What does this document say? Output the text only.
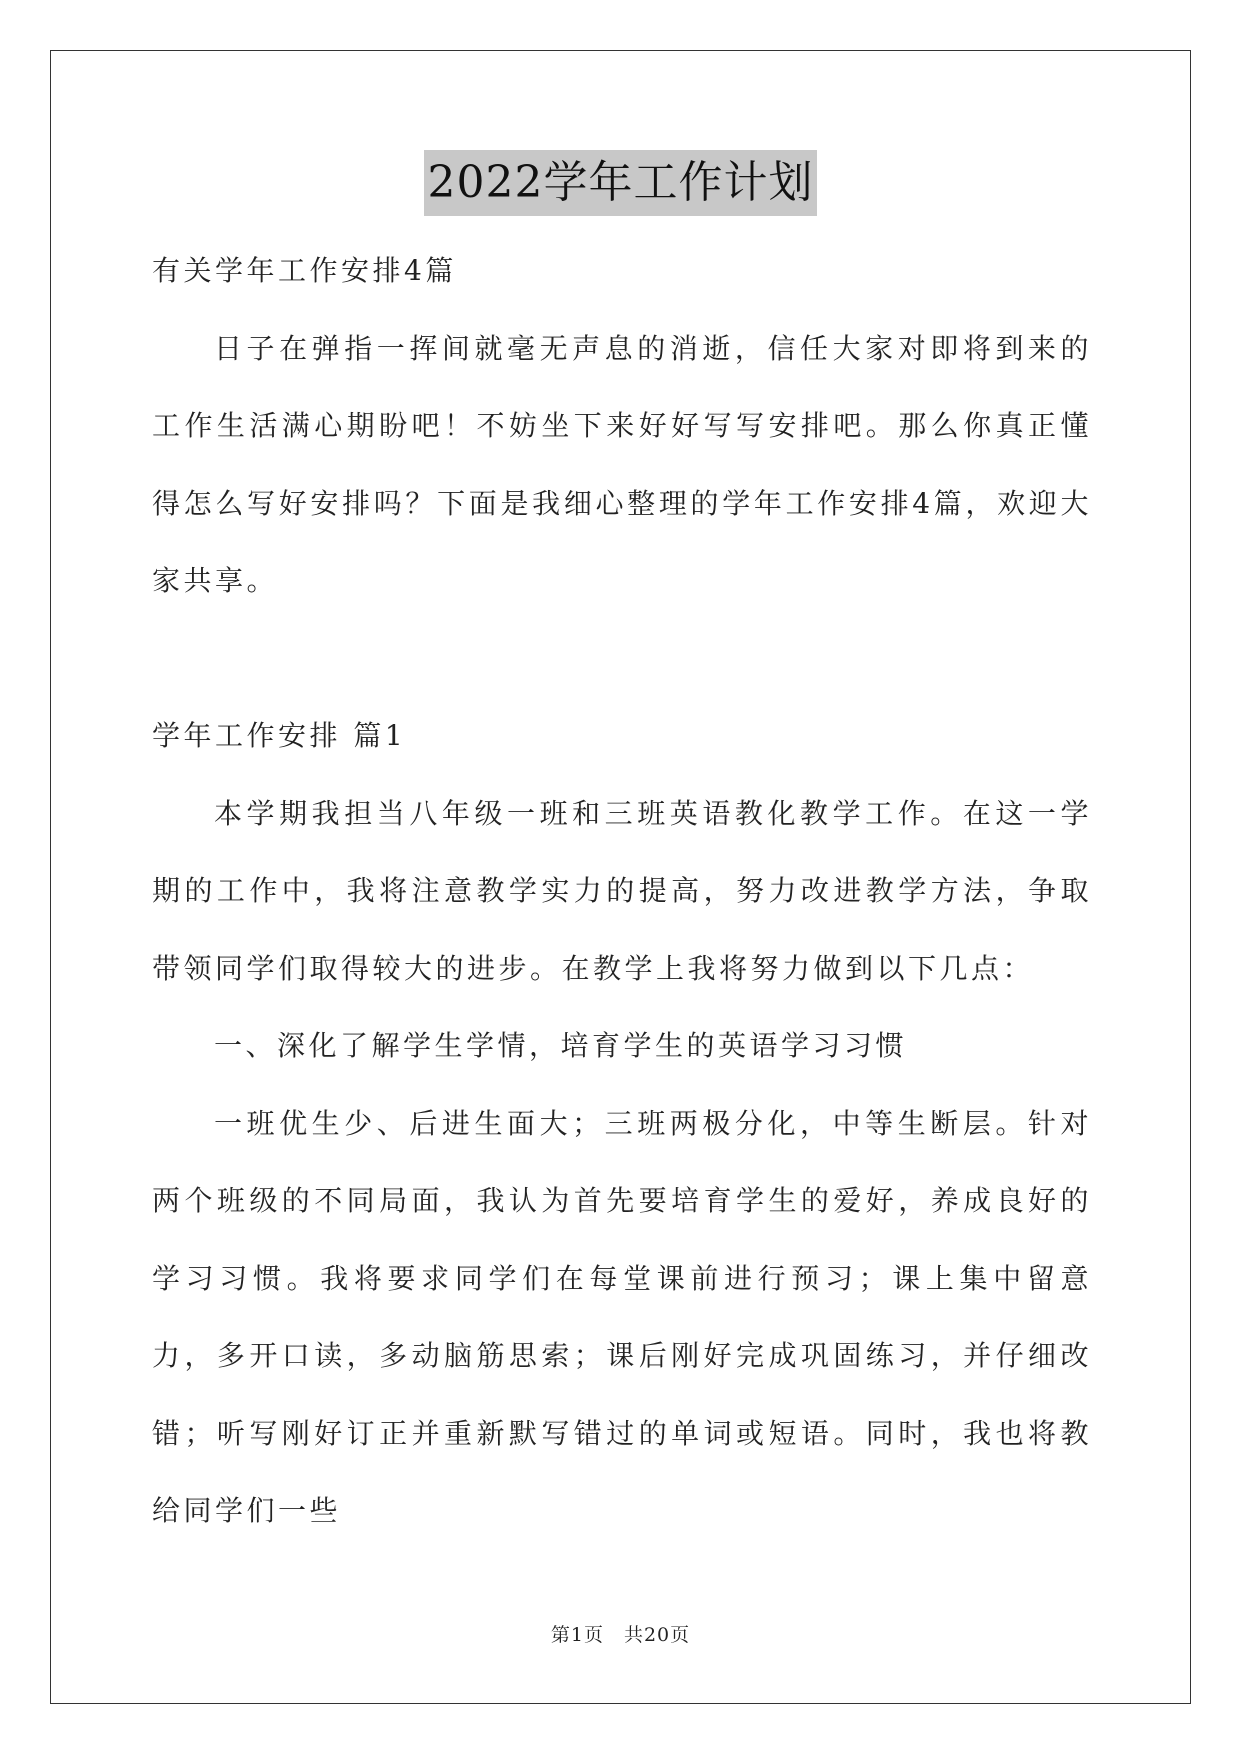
2022学年工作计划

有关学年工作安排4篇

日子在弹指一挥间就毫无声息的消逝，信任大家对即将到来的工作生活满心期盼吧！不妨坐下来好好写写安排吧。那么你真正懂得怎么写好安排吗？下面是我细心整理的学年工作安排4篇，欢迎大家共享。

学年工作安排 篇1

本学期我担当八年级一班和三班英语教化教学工作。在这一学期的工作中，我将注意教学实力的提高，努力改进教学方法，争取带领同学们取得较大的进步。在教学上我将努力做到以下几点：

一、深化了解学生学情，培育学生的英语学习习惯

一班优生少、后进生面大；三班两极分化，中等生断层。针对两个班级的不同局面，我认为首先要培育学生的爱好，养成良好的学习习惯。我将要求同学们在每堂课前进行预习；课上集中留意力，多开口读，多动脑筋思索；课后刚好完成巩固练习，并仔细改错；听写刚好订正并重新默写错过的单词或短语。同时，我也将教给同学们一些

第1页　共20页
